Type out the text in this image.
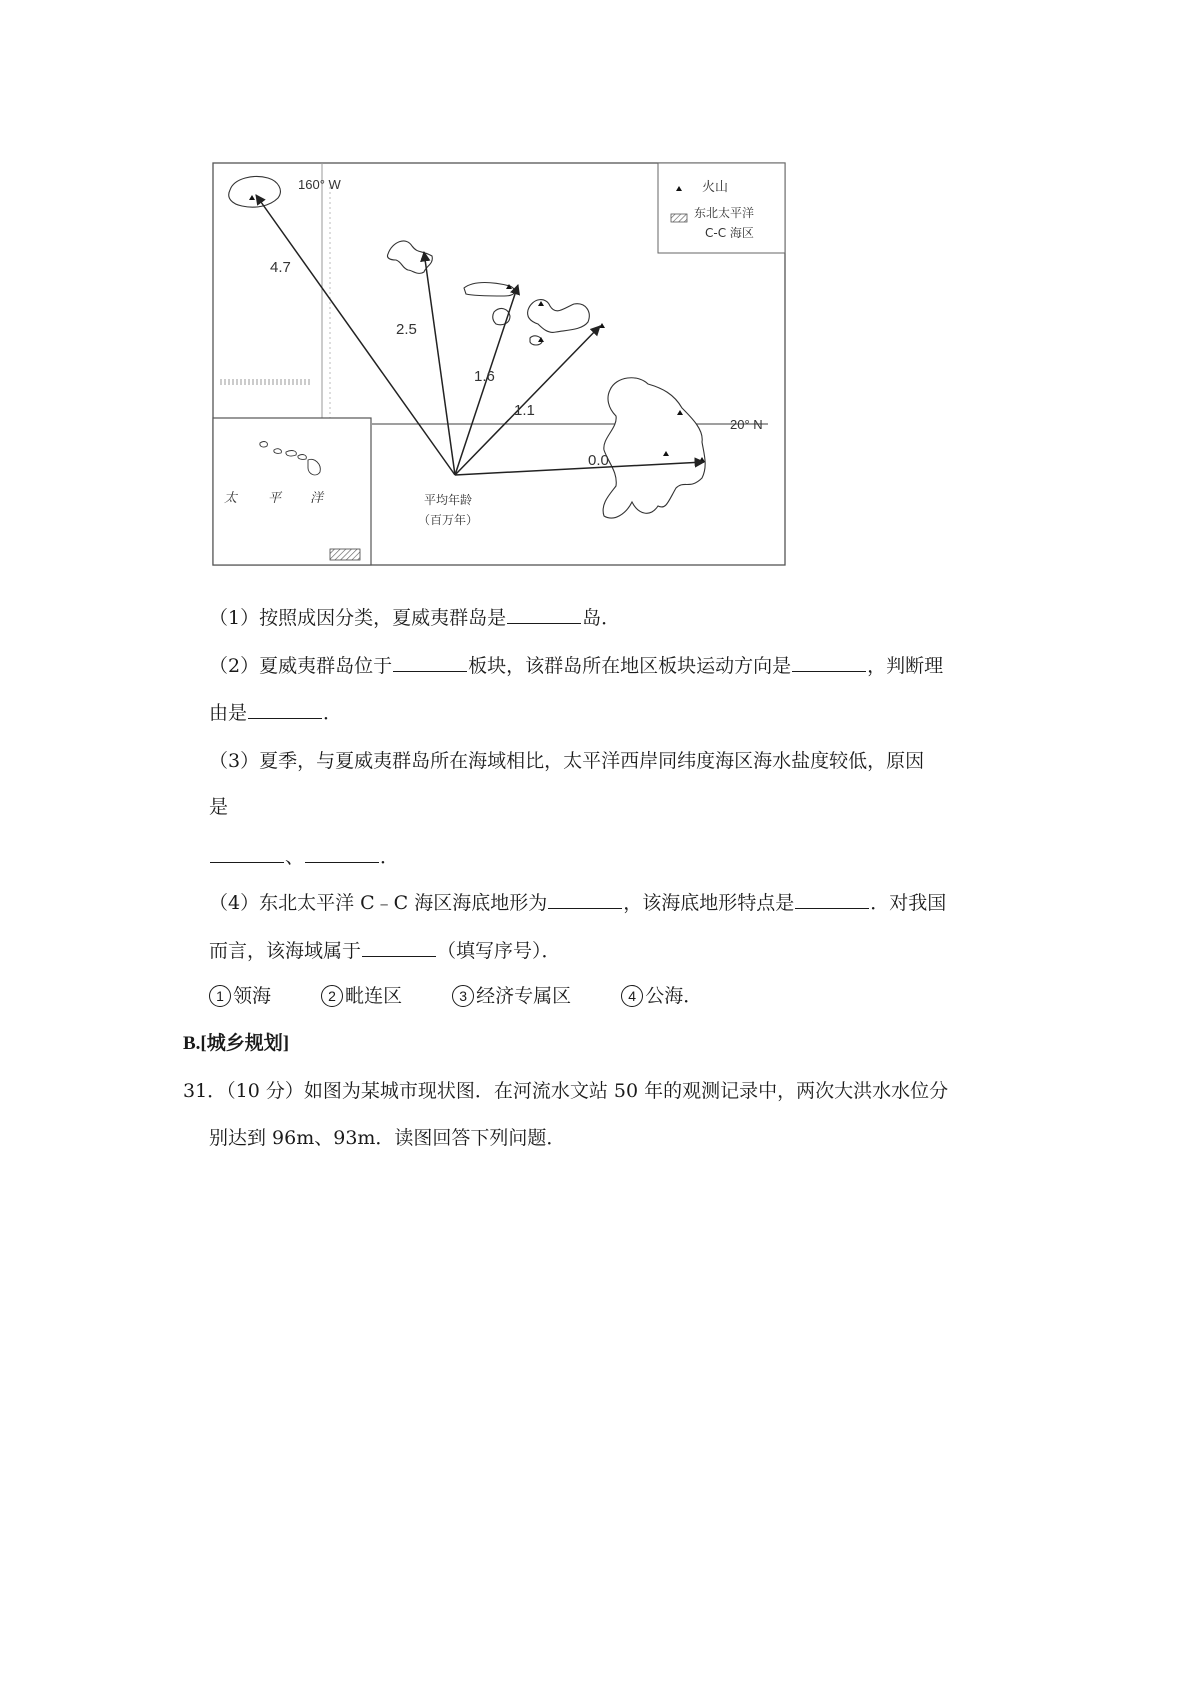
160° W
20° N
火山
东北太平洋
C-C 海区
4.7
2.5
1.6
1.1
0.0
平均年龄
（百万年）
太 平 洋
（1）按照成因分类，夏威夷群岛是	岛．
（2）夏威夷群岛位于	板块，该群岛所在地区板块运动方向是	，判断理
由是	．
（3）夏季，与夏威夷群岛所在海域相比，太平洋西岸同纬度海区海水盐度较低，原因
是
、	．
（4）东北太平洋 C﹣C 海区海底地形为	，该海底地形特点是	．对我国
而言，该海域属于	（填写序号）．
1 领海	2 毗连区	3 经济专属区	4 公海．
B.[城乡规划]
31．（10 分）如图为某城市现状图．在河流水文站 50 年的观测记录中，两次大洪水水位分
别达到 96m、93m．读图回答下列问题．
